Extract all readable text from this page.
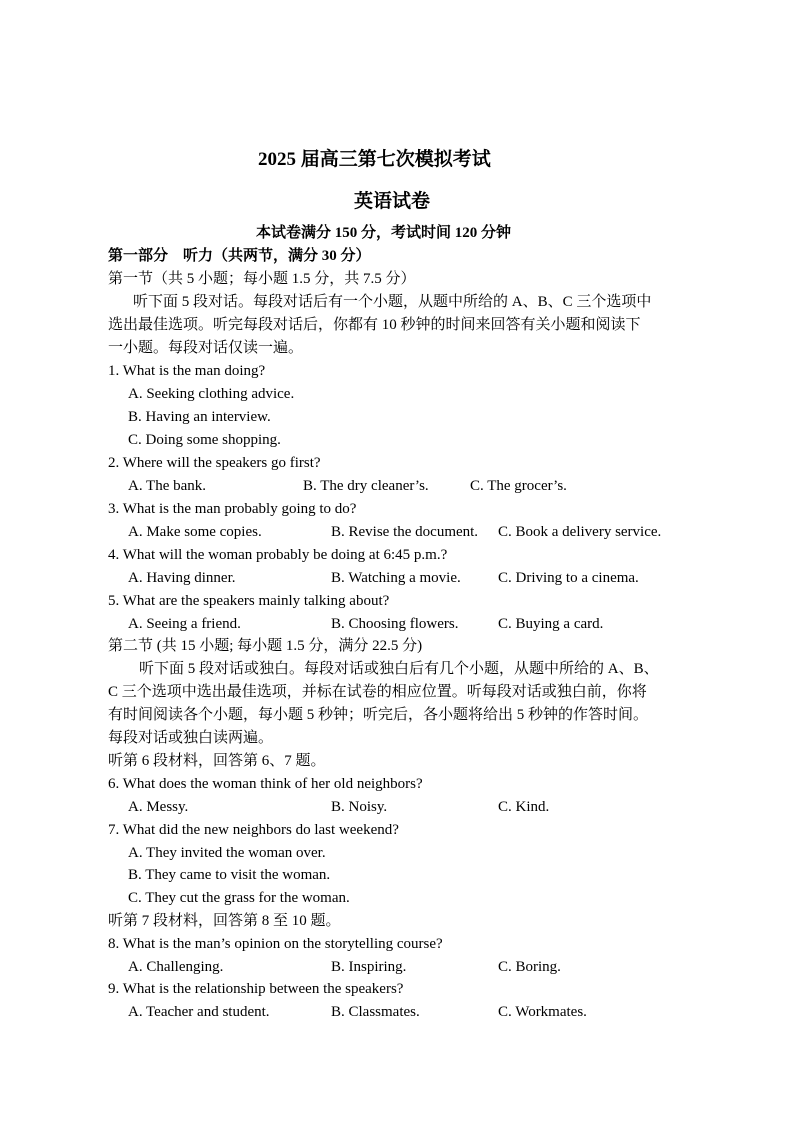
2025 届高三第七次模拟考试
英语试卷
本试卷满分 150 分，考试时间 120 分钟
第一部分　听力（共两节，满分 30 分）
第一节（共 5 小题；每小题 1.5 分，共 7.5 分）
听下面 5 段对话。每段对话后有一个小题，从题中所给的 A、B、C 三个选项中
选出最佳选项。听完每段对话后，你都有 10 秒钟的时间来回答有关小题和阅读下
一小题。每段对话仅读一遍。
1. What is the man doing?
A. Seeking clothing advice.
B. Having an interview.
C. Doing some shopping.
2. Where will the speakers go first?
A. The bank.	B. The dry cleaner’s.	C. The grocer’s.
3. What is the man probably going to do?
A. Make some copies.	B. Revise the document. C. Book a delivery service.
4. What will the woman probably be doing at 6:45 p.m.?
A. Having dinner.	B. Watching a movie. C. Driving to a cinema.
5. What are the speakers mainly talking about?
A. Seeing a friend.	B. Choosing flowers.	C. Buying a card.
第二节 (共 15 小题; 每小题 1.5 分，满分 22.5 分)
听下面 5 段对话或独白。每段对话或独白后有几个小题，从题中所给的 A、B、
C 三个选项中选出最佳选项，并标在试卷的相应位置。听每段对话或独白前，你将
有时间阅读各个小题，每小题 5 秒钟；听完后，各小题将给出 5 秒钟的作答时间。
每段对话或独白读两遍。
听第 6 段材料，回答第 6、7 题。
6. What does the woman think of her old neighbors?
A. Messy.	B. Noisy.	C. Kind.
7. What did the new neighbors do last weekend?
A. They invited the woman over.
B. They came to visit the woman.
C. They cut the grass for the woman.
听第 7 段材料，回答第 8 至 10 题。
8. What is the man’s opinion on the storytelling course?
A. Challenging.	B. Inspiring.	C. Boring.
9. What is the relationship between the speakers?
A. Teacher and student.	B. Classmates.	C. Workmates.
